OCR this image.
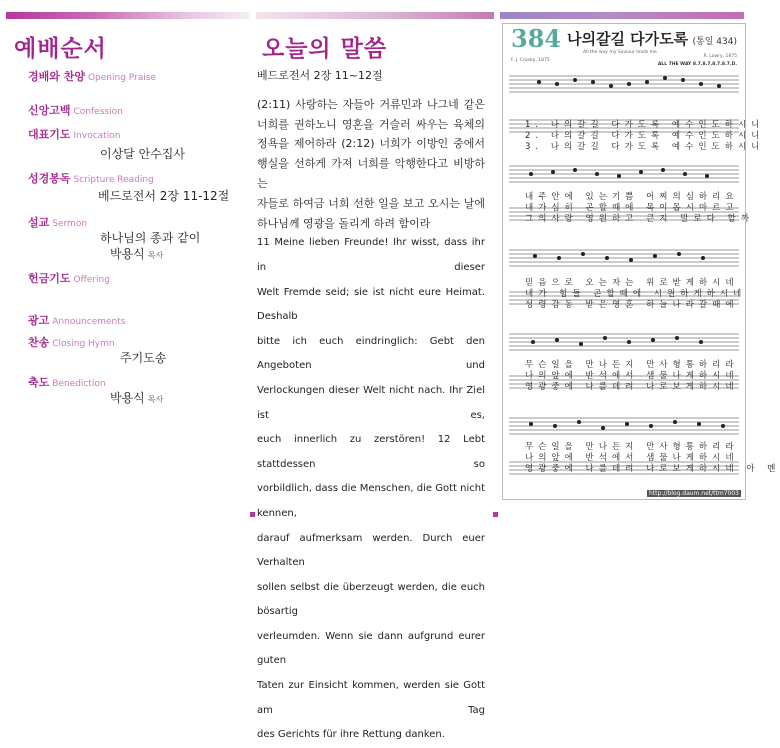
예배순서	오늘의 말씀
경배와 찬양 Opening Praise
신앙고백 Confession
대표기도 Invocation
이상달 안수집사
성경봉독 Scripture Reading
베드로전서 2장 11-12절
설교 Sermon
하나님의 종과 같이
박용식 목사
헌금기도 Offering
광고 Announcements
찬송 Closing Hymn
주기도송
축도 Benediction
박용식 목사
베드로전서 2장 11~12절
(2:11) 사랑하는 자들아 거류민과 나그네 같은
너희를 권하노니 영혼을 거슬러 싸우는 육체의
정욕을 제어하라 (2:12) 너희가 이방인 중에서
행실을 선하게 가져 너희를 악행한다고 비방하는
자들로 하여금 너희 선한 일을 보고 오시는 날에
하나님께 영광을 돌리게 하려 함이라
11 Meine lieben Freunde! Ihr wisst, dass ihr in dieser
Welt Fremde seid; sie ist nicht eure Heimat. Deshalb
bitte ich euch eindringlich: Gebt den Angeboten und
Verlockungen dieser Welt nicht nach. Ihr Ziel ist es,
euch innerlich zu zerstören! 12 Lebt stattdessen so
vorbildlich, dass die Menschen, die Gott nicht kennen,
darauf aufmerksam werden. Durch euer Verhalten
sollen selbst die überzeugt werden, die euch bösartig
verleumden. Wenn sie dann aufgrund eurer guten
Taten zur Einsicht kommen, werden sie Gott am Tag
des Gerichts für ihre Rettung danken.
384 나의갈길 다가도록 (통일 434)
All the way my Saviour leads me
F. J. Crosby, 1875
R. Lowry, 1875
ALL THE WAY 8.7.8.7.8.7.8.7.D.
1. 나의갈길 다가도록 예수인도하시니
2. 나의갈길 다가도록 예수인도하시니
3. 나의갈길 다가도록 예수인도하시니
내주안에 있는기쁨 어찌의심하리요
내가심히 곤할때에 목이몹시마르고
그의사랑 영원하고 큰지 말로다 할까
믿음으로 오는자는 위로받게하시네
내가 힘들 곤할때에 시원하게하시네
성령감동 받은영혼 하늘나라갈때에
무슨일을 만나든지 만사형통하리라
나의앞에 반석에서 샘물나게하시네
영광중에 나를데려 나로보게하시네
무슨일을 만나든지 만사형통하리라
나의앞에 반석에서 샘물나게하시네
영광중에 나를데려 나로보게하시네 아 멘
http://blog.daum.net/ttm7003
